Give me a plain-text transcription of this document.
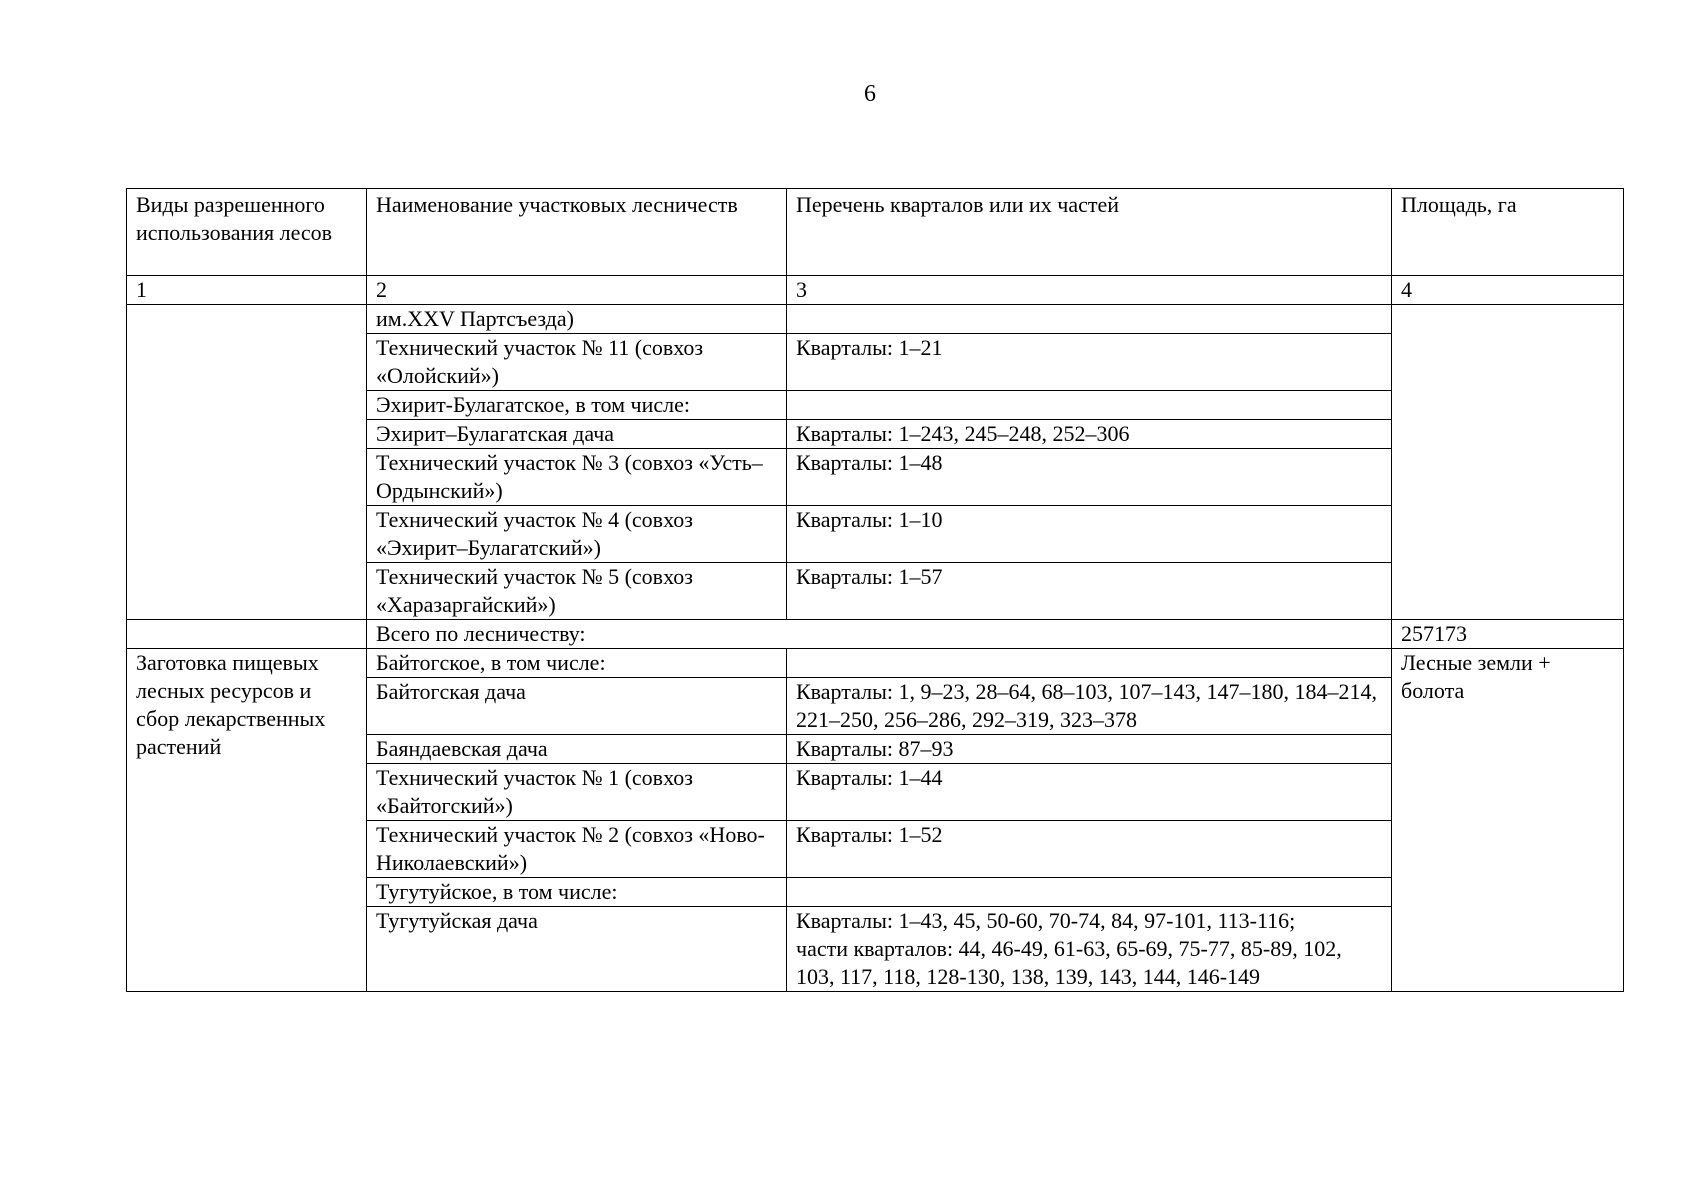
6
Виды разрешенного использования лесов	Наименование участковых лесничеств	Перечень кварталов или их частей	Площадь, га
1	2	3	4
	им.XXV Партсъезда)		
	Технический участок № 11 (совхоз «Олойский»)	Кварталы: 1–21	
	Эхирит-Булагатское, в том числе:		
	Эхирит–Булагатская дача	Кварталы: 1–243, 245–248, 252–306	
	Технический участок № 3 (совхоз «Усть–Ордынский»)	Кварталы: 1–48	
	Технический участок № 4 (совхоз «Эхирит–Булагатский»)	Кварталы: 1–10	
	Технический участок № 5 (совхоз «Харазаргайский»)	Кварталы: 1–57	
	Всего по лесничеству:		257173
Заготовка пищевых лесных ресурсов и сбор лекарственных растений	Байтогское, в том числе:		Лесные земли + болота
	Байтогская дача	Кварталы: 1, 9–23, 28–64, 68–103, 107–143, 147–180, 184–214, 221–250, 256–286, 292–319, 323–378	
	Баяндаевская дача	Кварталы: 87–93	
	Технический участок № 1 (совхоз «Байтогский»)	Кварталы: 1–44	
	Технический участок № 2 (совхоз «Ново-Николаевский»)	Кварталы: 1–52	
	Тугутуйское, в том числе:		
	Тугутуйская дача	Кварталы: 1–43, 45, 50-60, 70-74, 84, 97-101, 113-116;
части кварталов: 44, 46-49, 61-63, 65-69, 75-77, 85-89, 102, 103, 117, 118, 128-130, 138, 139, 143, 144, 146-149	
